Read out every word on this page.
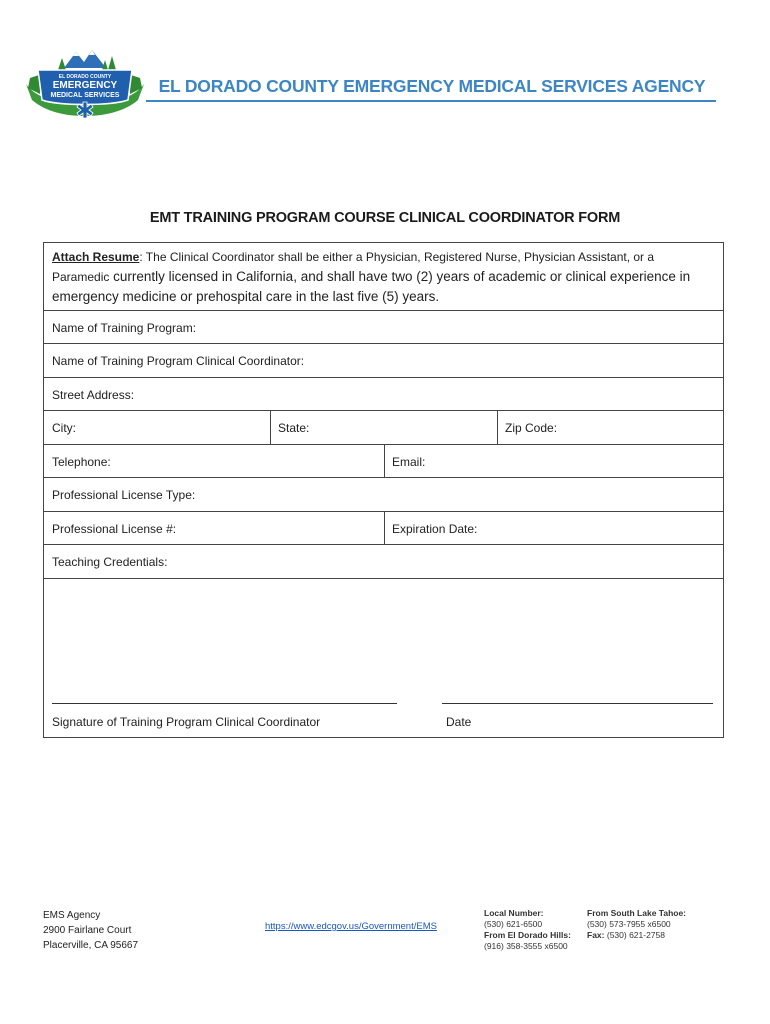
EL DORADO COUNTY
EMERGENCY
MEDICAL SERVICES	EL DORADO COUNTY EMERGENCY MEDICAL SERVICES AGENCY
EMT TRAINING PROGRAM COURSE CLINICAL COORDINATOR FORM
Attach Resume: The Clinical Coordinator shall be either a Physician, Registered Nurse, Physician Assistant, or a
Paramedic currently licensed in California, and shall have two (2) years of academic or clinical experience in
emergency medicine or prehospital care in the last five (5) years.
Name of Training Program:
Name of Training Program Clinical Coordinator:
Street Address:
City:	State:	Zip Code:
Telephone:	Email:
Professional License Type:
Professional License #:	Expiration Date:
Teaching Credentials:
Signature of Training Program Clinical Coordinator	Date
EMS Agency
2900 Fairlane Court
Placerville, CA 95667
https://www.edcgov.us/Government/EMS
Local Number:
(530) 621-6500
From El Dorado Hills:
(916) 358-3555 x6500
From South Lake Tahoe:
(530) 573-7955 x6500
Fax: (530) 621-2758
